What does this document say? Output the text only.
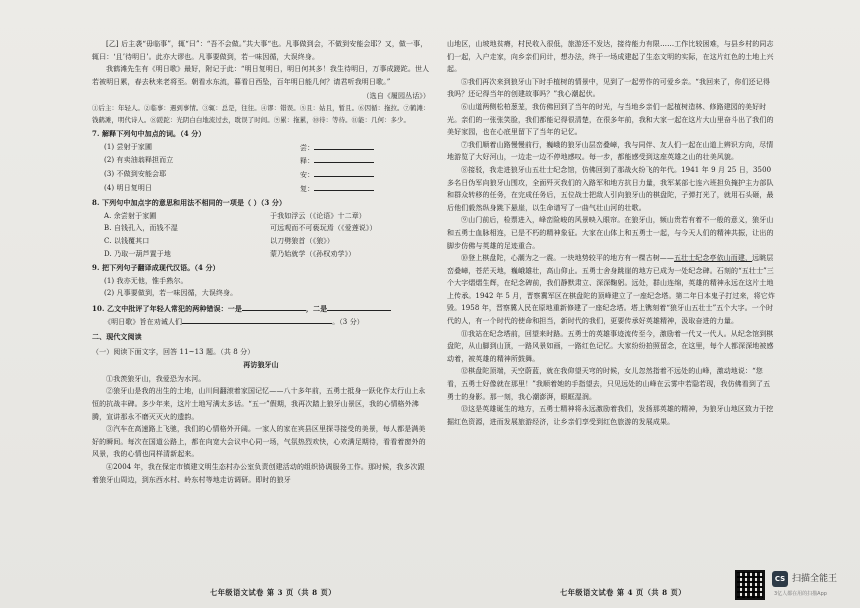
[乙] 后主袭“毋临事”，辄“曰”：“吾不会做。”共大事“也。凡事做到会，不做到安能会耶？又，做一事，辄曰：‘且’待明日’。此亦大谬也。凡事要做到，若一味因循，大误终身。

我鹤滩先生有《明日歌》最好，附记于此：“明日复明日，明日何其多！我生待明日，万事成蹉跎。世人若被明日累，春去秋来老将至。朝看水东流，暮看日西坠，百年明日能几何？请君听我明日歌。”

（选自《履园丛话》）

①后主：年轻人。②临事：遇到事情。③辄：总是，往往。④谬：错误。⑤且：姑且，暂且。⑥因循：拖拉。⑦鹤滩：钱鹤滩，明代诗人。⑧蹉跎：光阴白白地流过去，耽误了时间。⑨累：拖累，⑩待：等待。⑪能：几何：多少。

7. 解释下列句中加点的词。（4 分）

(1) 尝射于家圃	尝：
(2) 有卖油翁释担而立	释：
(3) 不做到安能会耶	安：
(4) 明日复明日	复：

8. 下列句中加点字的意思和用法不相同的一项是（ ）（3 分）

A. 余尝射于家圃	于我如浮云（《论语》十二章）
B. 自钱孔入，而钱不湿	可远观而不可亵玩焉（《爱莲说》）
C. 以钱覆其口	以刀劈狼首（《狼》）
D. 乃取一葫芦置于地	蒙乃始就学（《孙权劝学》）

9. 把下列句子翻译成现代汉语。（4 分）

(1) 我亦无他，惟手熟尔。

(2) 凡事要做到，若一味因循，大误终身。

10. 乙文中批评了年轻人常犯的两种错误：一是	，二是

《明日歌》旨在劝诫人们	。（3 分）

二、现代文阅读

（一）阅读下面文字，回答 11~13 题。（共 8 分）

再访狼牙山

①我羡狼牙山，我爱恐为水河。

②狼牙山是我的出生的土地，山川间翻滚着家国记忆——八十多年前，五勇士抵身一跃化作太行山上永恒的抗战丰碑。多少年来，这片土地写满太多话。“五一”假期，我再次踏上狼牙山景区，我的心情格外沸腾，宣讲那永不磨灭灭火的遗韵。

③汽车在高速路上飞驰，我们的心情格外开阔。一家人的家在宾县区里探寻接受的美景，每人都是满美好的瞬间。每次在国道公路上，都在向宽大会议中心同一场，气氛热烈欢快，心欢满足期待，看看着窗外的风景，我的心情也同样清新起来。

④2004 年，我在保定市镇建文明生态村办公室负责创建活动的组织协调服务工作。那时候，我多次跟着狼牙山周边，到东西水村、岭东村等地走访调研。即时的狼牙

山地区，山坡地贫瘠，村民收入很低，旅游还不发达，接待能力有限……工作比较困难，与县乡村的同志们一起，入户走家，向乡亲们问计，想办法，终于一场成建起了生态文明的实际，在这片红色的土地上兴起。

⑤我们再次来到狼牙山下时手植树的情景中，见到了一起劳作的可爱乡亲。“我回来了，你们还记得我吗？还记得当年的创建故事吗？”我心潮起伏。

⑥山道两侧松柏葱茏，我仿佛回到了当年的时光，与当地乡亲们一起植树造林、修路建园的美好时光。亲们的一张张笑脸，我们都能记得很清楚，在很多年前，我和大家一起在这片大山里奋斗出了我们的美好家园，也在心底里留下了当年的记忆。

⑦我们顺着山路慢慢前行，巍峨的狼牙山层峦叠嶂，我与同伴、友人们一起在山道上辨识方向，尽情地游览了大好河山，一边走一边不停地感叹。每一步，都能感受到这座英雄之山的壮美风貌。

⑧接驳，我走进狼牙山五壮士纪念馆，仿佛回到了那战火纷飞的年代。1941 年 9 月 25 日，3500 多名日伪军向狼牙山围攻，全面歼灭我们的入路军和地方抗日力量，我军某部七连六班担负掩护主力部队和群众转移的任务，在完成任务后，五位战士把敌人引向狼牙山的棋盘陀，子弹打光了，就用石头砸，最后他们毅然纵身跳下悬崖，以生命谱写了一曲气壮山河的壮歌。

⑨山门前后，检票进入，峰峦险峻的风景映入眼帘。在狼牙山，频山贵若有着不一般的意义，狼牙山和五勇士血脉相连，已是不朽的精神象征。大家在山体上和五勇士一起，与今天人们的精神共振，让出的脚步仿佛与英雄的足迹重合。

⑩登上棋盘陀，心潮为之一震。一块地势较平的地方有一棵古树——五壮士纪念亭依山而建，远眺层峦叠嶂，苍茫天地，巍峨雄壮，高山仰止。五勇士舍身跳崖的地方已成为一处纪念碑。石刻的“五壮士”三个大字熠熠生辉，在纪念碑前，我们静默肃立、深深鞠躬。远处，群山连绵，英雄的精神永远在这片土地上传承。1942 年 5 月，晋察冀军区在棋盘陀的顶峰建立了一座纪念塔。第二年日本鬼子打过来，将它炸毁。1958 年，晋察冀人民在原地重新修建了一座纪念塔。塔上镌刻着“狼牙山五壮士”五个大字。一个时代的人，有一个时代的使命和担当，新时代的我们，更要传承好英雄精神，汲取奋进的力量。

⑪我站在纪念塔前，回望来时路。五勇士的英雄事迹流传至今，激励着一代又一代人。从纪念馆到棋盘陀，从山脚到山顶，一路风景如画，一路红色记忆。大家纷纷拍照留念，在这里，每个人都深深地被感动着，被英雄的精神所鼓舞。

⑫棋盘陀顶端，天空蔚蓝，就在我仰望天穹的时候，女儿忽然指着不远处的山峰，激动地说：“您看，五勇士好像就在那里！”我顺着她的手指望去，只见远处的山峰在云雾中若隐若现，我仿佛看到了五勇士的身影。那一刻，我心潮澎湃，眼眶湿润。

⑬这是英雄诞生的地方，五勇士精神将永远激励着我们，发扬那英雄的精神，为狼牙山地区致力于挖掘红色资源，进而发展旅游经济，让乡亲们享受到红色旅游的发展成果。

七年级语文试卷 第 3 页（共 8 页）	七年级语文试卷 第 4 页（共 8 页）
CS 扫描全能王
3亿人都在用的扫描App
